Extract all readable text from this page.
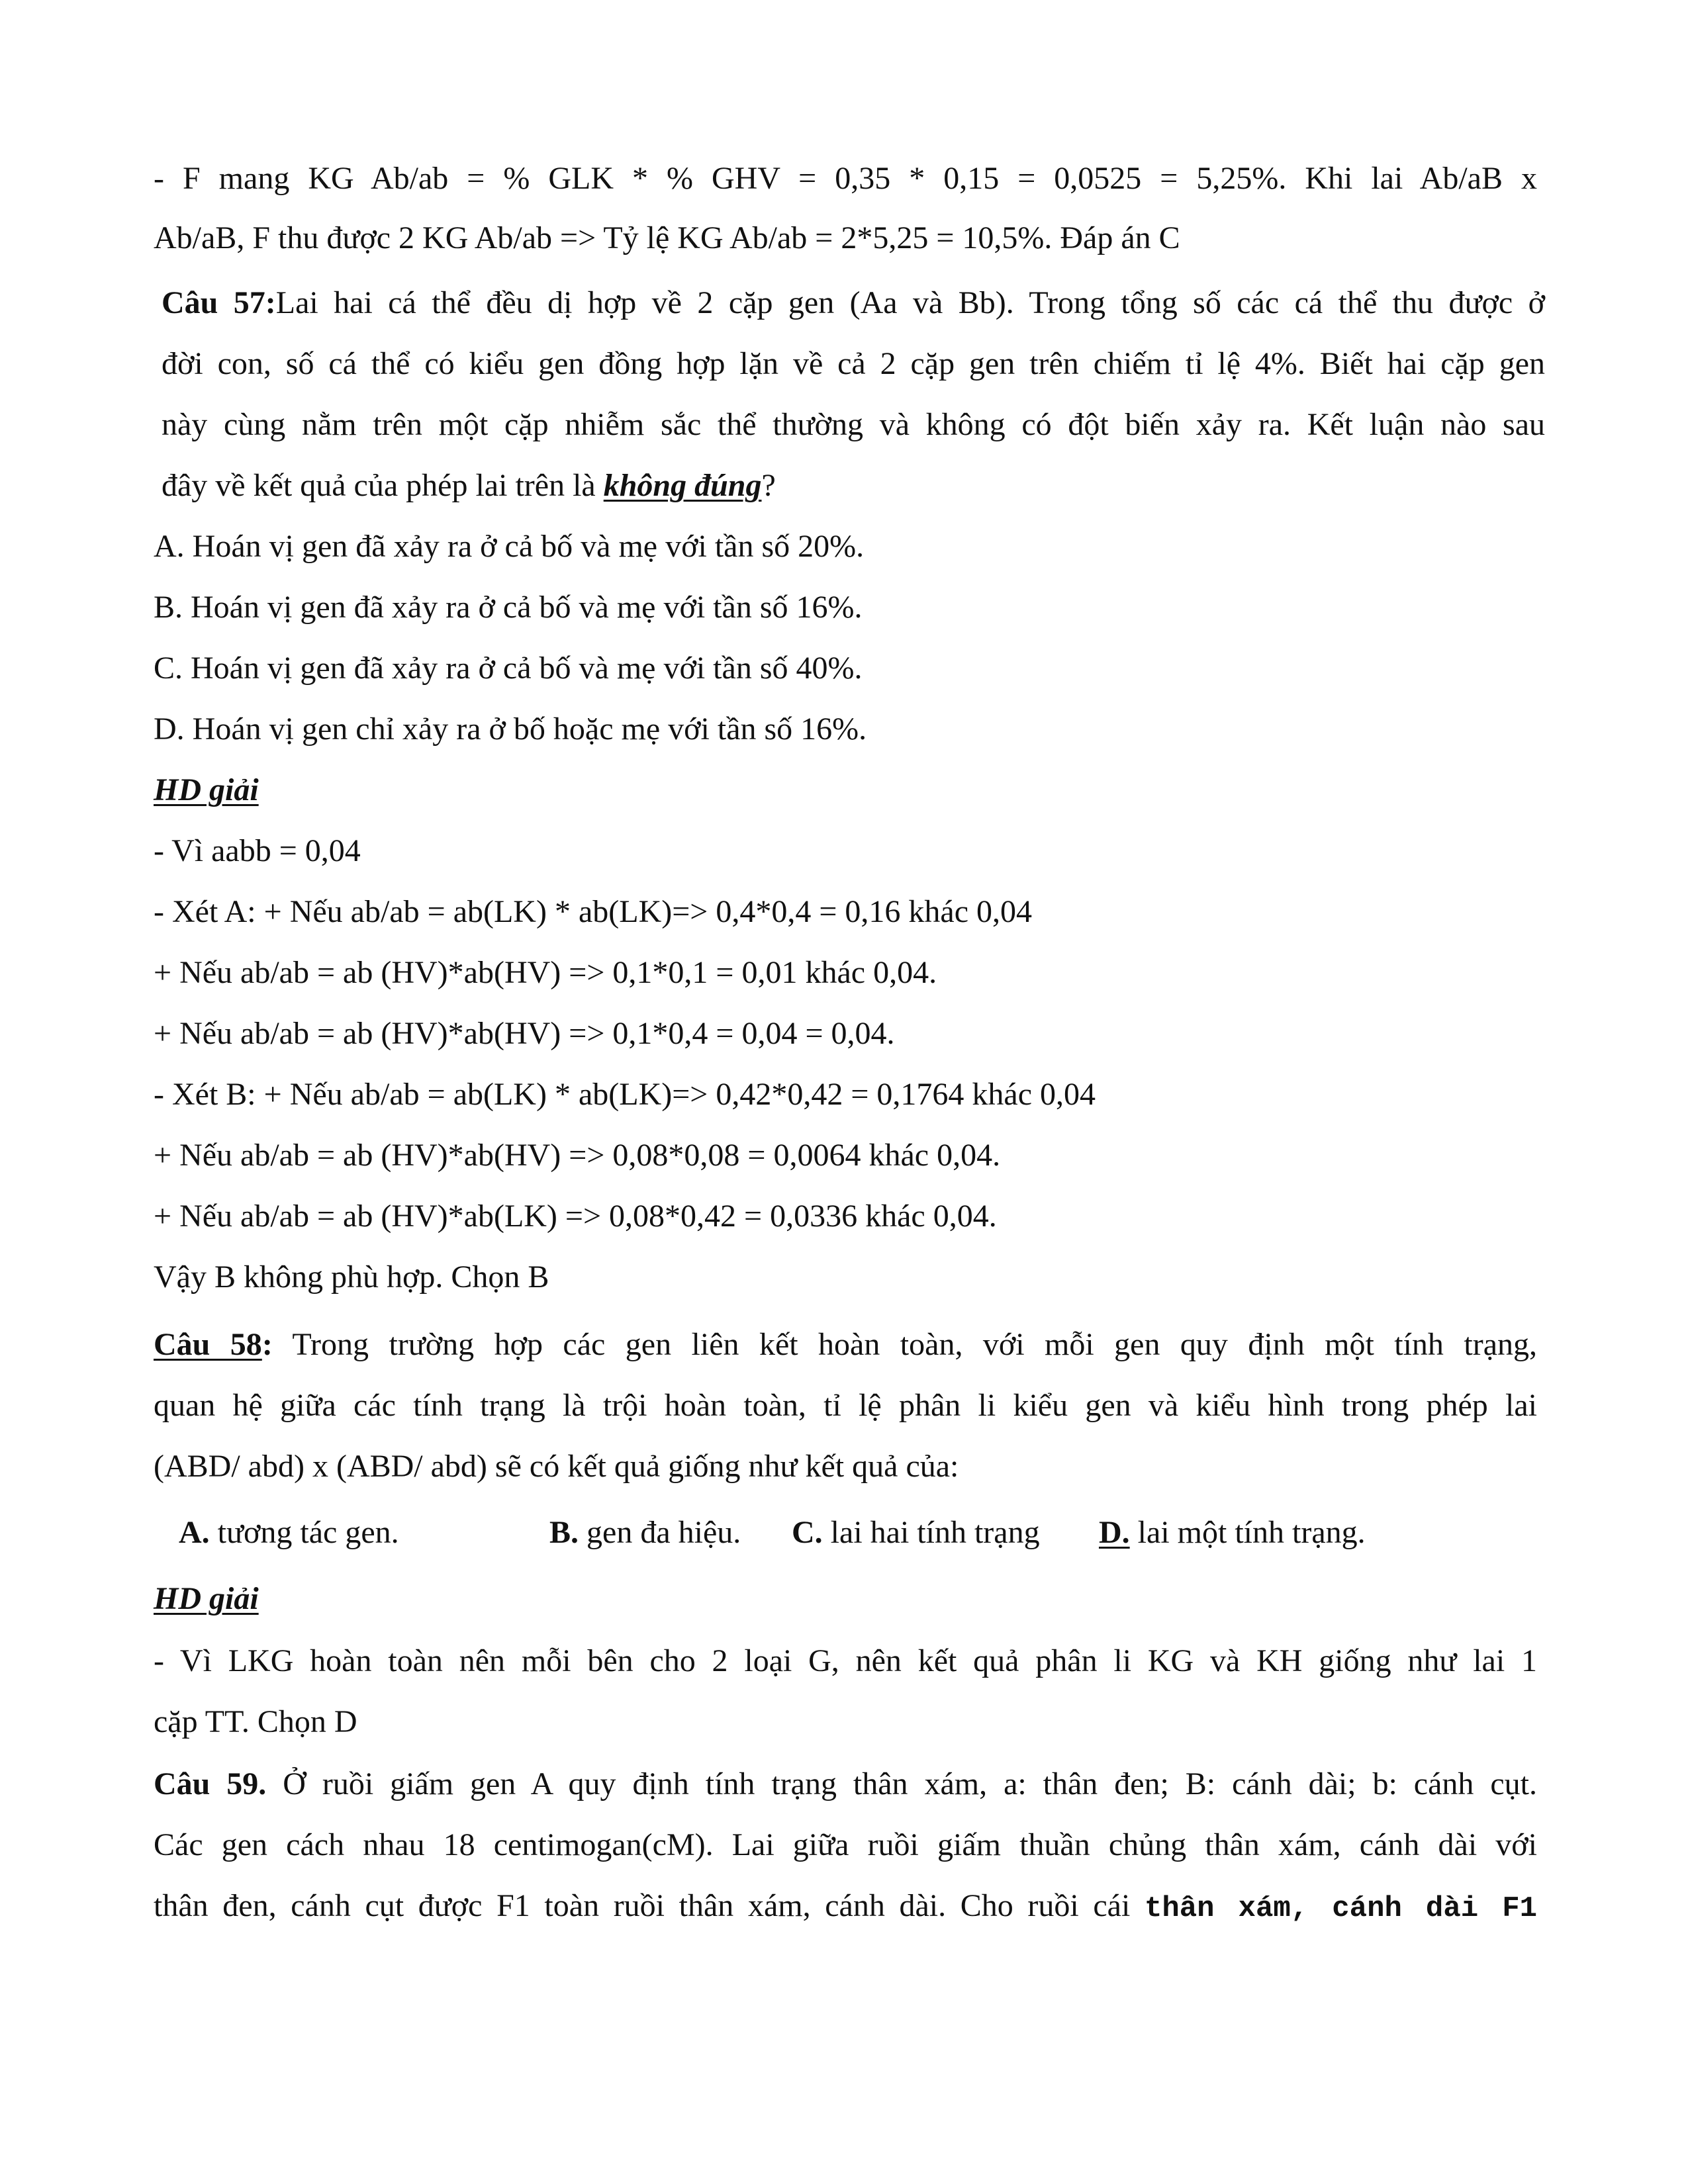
- F mang KG Ab/ab = % GLK * % GHV = 0,35 * 0,15 = 0,0525 = 5,25%. Khi lai Ab/aB x
Ab/aB, F thu được 2 KG Ab/ab => Tỷ lệ KG Ab/ab = 2*5,25 = 10,5%. Đáp án C
Câu 57:Lai hai cá thể đều dị hợp về 2 cặp gen (Aa và Bb). Trong tổng số các cá thể thu được ở
đời con, số cá thể có kiểu gen đồng hợp lặn về cả 2 cặp gen trên chiếm tỉ lệ 4%. Biết hai cặp gen
này cùng nằm trên một cặp nhiễm sắc thể thường và không có đột biến xảy ra. Kết luận nào sau
đây về kết quả của phép lai trên là không đúng?
A. Hoán vị gen đã xảy ra ở cả bố và mẹ với tần số 20%.
B. Hoán vị gen đã xảy ra ở cả bố và mẹ với tần số 16%.
C. Hoán vị gen đã xảy ra ở cả bố và mẹ với tần số 40%.
D. Hoán vị gen chỉ xảy ra ở bố hoặc mẹ với tần số 16%.
HD giải
- Vì aabb = 0,04
- Xét A: + Nếu ab/ab = ab(LK) * ab(LK)=> 0,4*0,4 = 0,16 khác 0,04
+ Nếu ab/ab = ab (HV)*ab(HV) => 0,1*0,1 = 0,01 khác 0,04.
+ Nếu ab/ab = ab (HV)*ab(HV) => 0,1*0,4 = 0,04 = 0,04.
- Xét B: + Nếu ab/ab = ab(LK) * ab(LK)=> 0,42*0,42 = 0,1764 khác 0,04
+ Nếu ab/ab = ab (HV)*ab(HV) => 0,08*0,08 = 0,0064 khác 0,04.
+ Nếu ab/ab = ab (HV)*ab(LK) => 0,08*0,42 = 0,0336 khác 0,04.
Vậy B không phù hợp. Chọn B
Câu 58: Trong trường hợp các gen liên kết hoàn toàn, với mỗi gen quy định một tính trạng,
quan hệ giữa các tính trạng là trội hoàn toàn, tỉ lệ phân li kiểu gen và kiểu hình trong phép lai
(ABD/ abd) x (ABD/ abd) sẽ có kết quả giống như kết quả của:
A. tương tác gen.	B. gen đa hiệu. C. lai hai tính trạng D. lai một tính trạng.
HD giải
- Vì LKG hoàn toàn nên mỗi bên cho 2 loại G, nên kết quả phân li KG và KH giống như lai 1
cặp TT. Chọn D
Câu 59. Ở ruồi giấm gen A quy định tính trạng thân xám, a: thân đen; B: cánh dài; b: cánh cụt.
Các gen cách nhau 18 centimogan(cM). Lai giữa ruồi giấm thuần chủng thân xám, cánh dài với
thân đen, cánh cụt được F1 toàn ruồi thân xám, cánh dài. Cho ruồi cái thân xám, cánh dài F1
